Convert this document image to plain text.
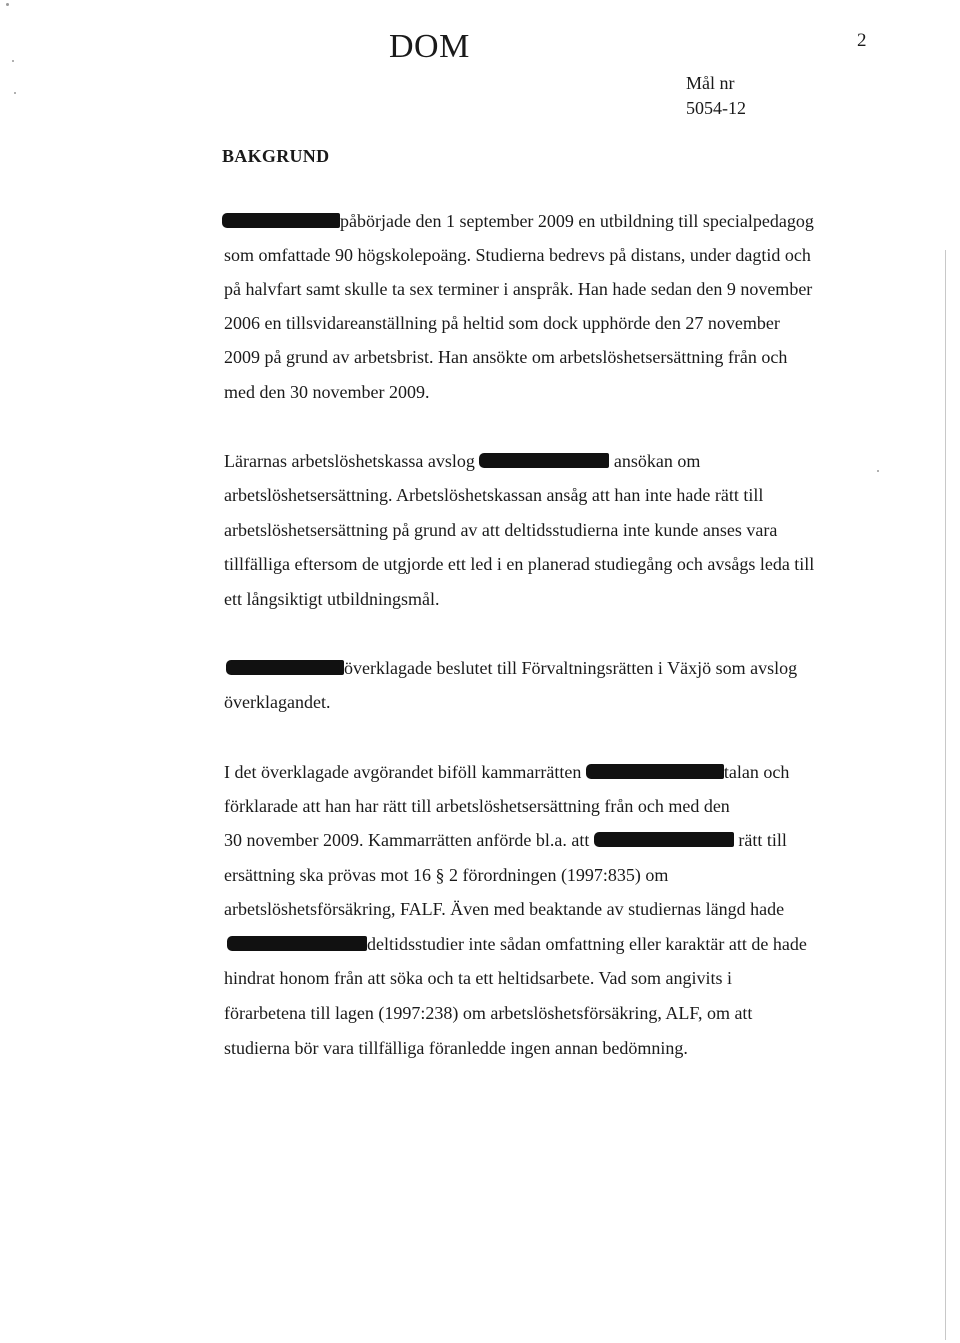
DOM	2
Mål nr
5054-12
BAKGRUND
påbörjade den 1 september 2009 en utbildning till specialpedagog
som omfattade 90 högskolepoäng. Studierna bedrevs på distans, under dagtid och
på halvfart samt skulle ta sex terminer i anspråk. Han hade sedan den 9 november
2006 en tillsvidareanställning på heltid som dock upphörde den 27 november
2009 på grund av arbetsbrist. Han ansökte om arbetslöshetsersättning från och
med den 30 november 2009.
Lärarnas arbetslöshetskassa avslog	ansökan om
arbetslöshetsersättning. Arbetslöshetskassan ansåg att han inte hade rätt till
arbetslöshetsersättning på grund av att deltidsstudierna inte kunde anses vara
tillfälliga eftersom de utgjorde ett led i en planerad studiegång och avsågs leda till
ett långsiktigt utbildningsmål.
överklagade beslutet till Förvaltningsrätten i Växjö som avslog
överklagandet.
I det överklagade avgörandet biföll kammarrätten	talan och
förklarade att han har rätt till arbetslöshetsersättning från och med den
30 november 2009. Kammarrätten anförde bl.a. att	rätt till
ersättning ska prövas mot 16 § 2 förordningen (1997:835) om
arbetslöshetsförsäkring, FALF. Även med beaktande av studiernas längd hade
deltidsstudier inte sådan omfattning eller karaktär att de hade
hindrat honom från att söka och ta ett heltidsarbete. Vad som angivits i
förarbetena till lagen (1997:238) om arbetslöshetsförsäkring, ALF, om att
studierna bör vara tillfälliga föranledde ingen annan bedömning.
